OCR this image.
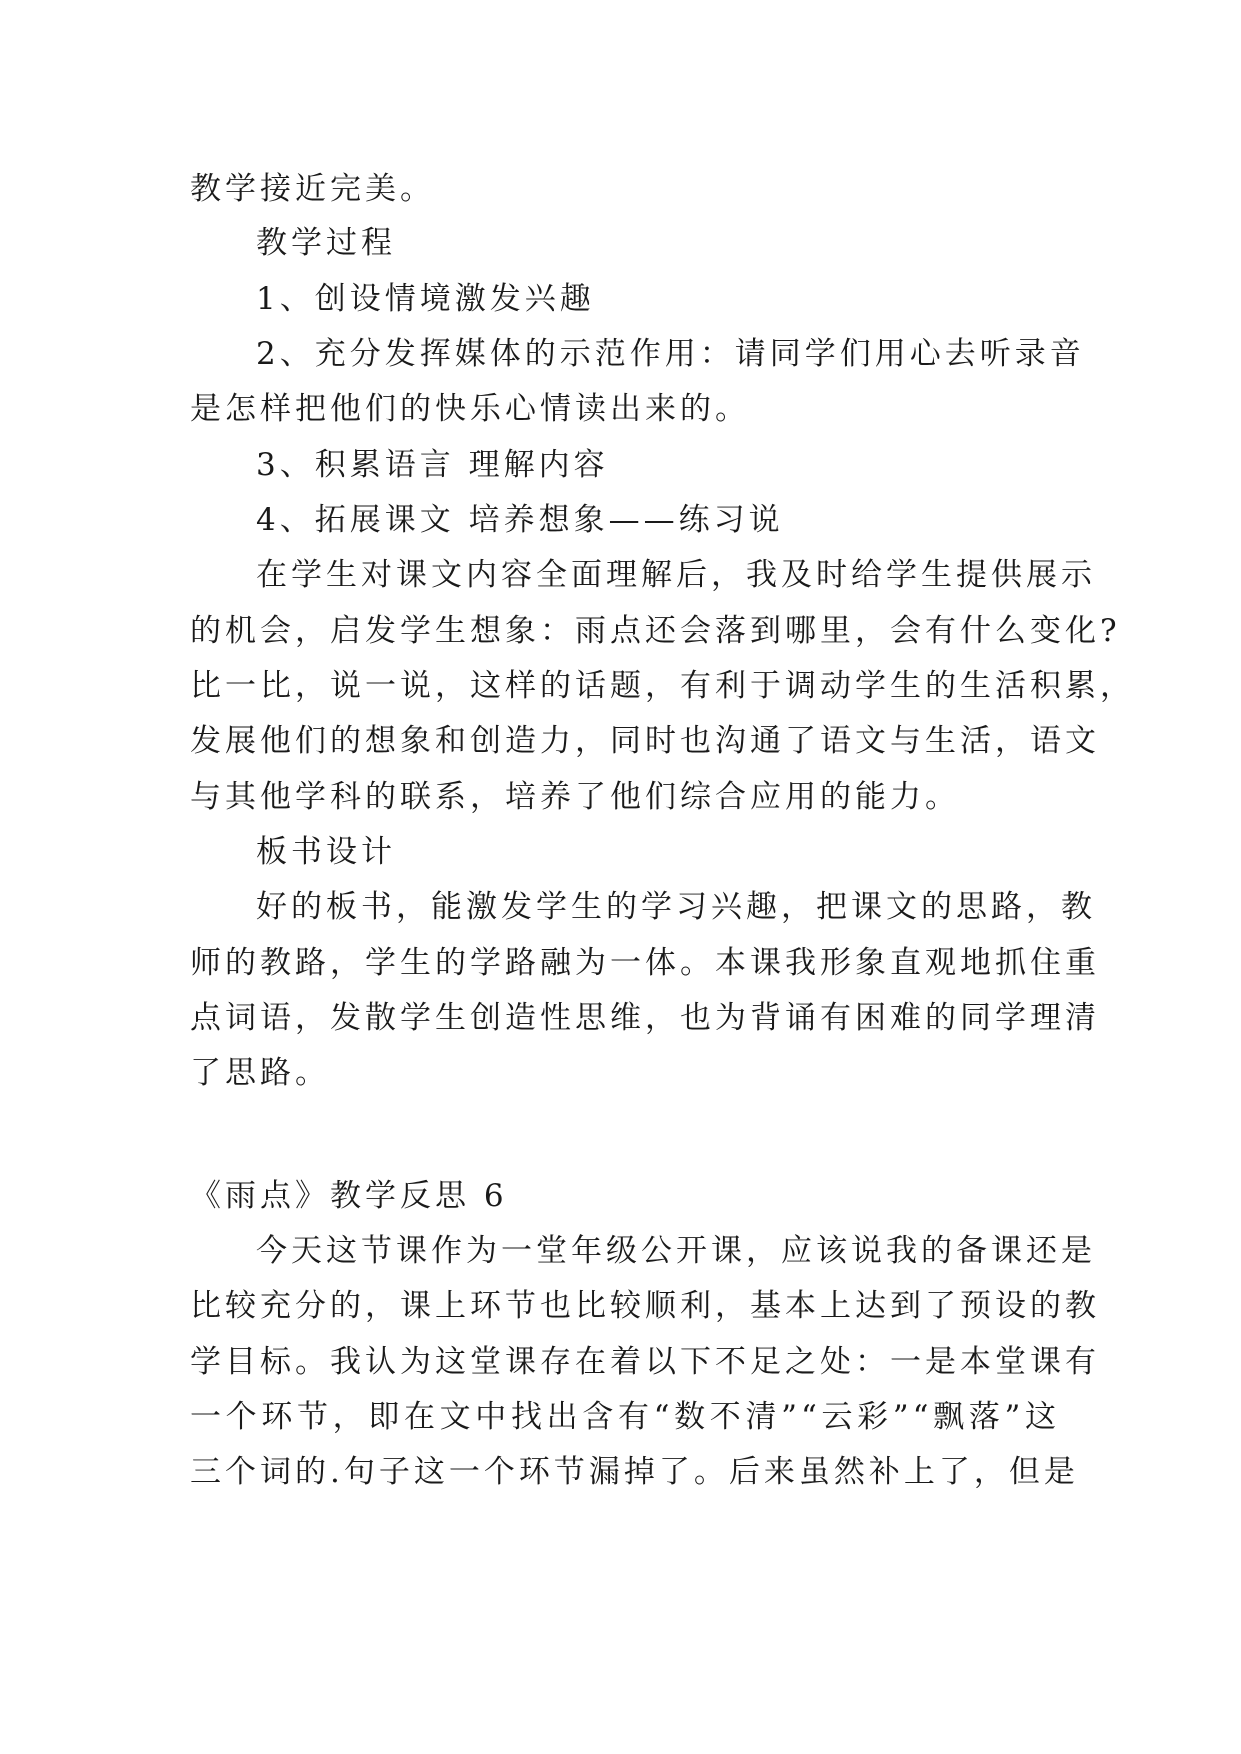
教学接近完美。
教学过程
1、创设情境激发兴趣
2、充分发挥媒体的示范作用：请同学们用心去听录音
是怎样把他们的快乐心情读出来的。
3、积累语言 理解内容
4、拓展课文 培养想象——练习说
在学生对课文内容全面理解后，我及时给学生提供展示
的机会，启发学生想象：雨点还会落到哪里，会有什么变化?
比一比，说一说，这样的话题，有利于调动学生的生活积累，
发展他们的想象和创造力，同时也沟通了语文与生活，语文
与其他学科的联系，培养了他们综合应用的能力。
板书设计
好的板书，能激发学生的学习兴趣，把课文的思路，教
师的教路，学生的学路融为一体。本课我形象直观地抓住重
点词语，发散学生创造性思维，也为背诵有困难的同学理清
了思路。
《雨点》教学反思 6
今天这节课作为一堂年级公开课，应该说我的备课还是
比较充分的，课上环节也比较顺利，基本上达到了预设的教
学目标。我认为这堂课存在着以下不足之处：一是本堂课有
一个环节，即在文中找出含有“数不清”“云彩”“飘落”这
三个词的.句子这一个环节漏掉了。后来虽然补上了，但是
